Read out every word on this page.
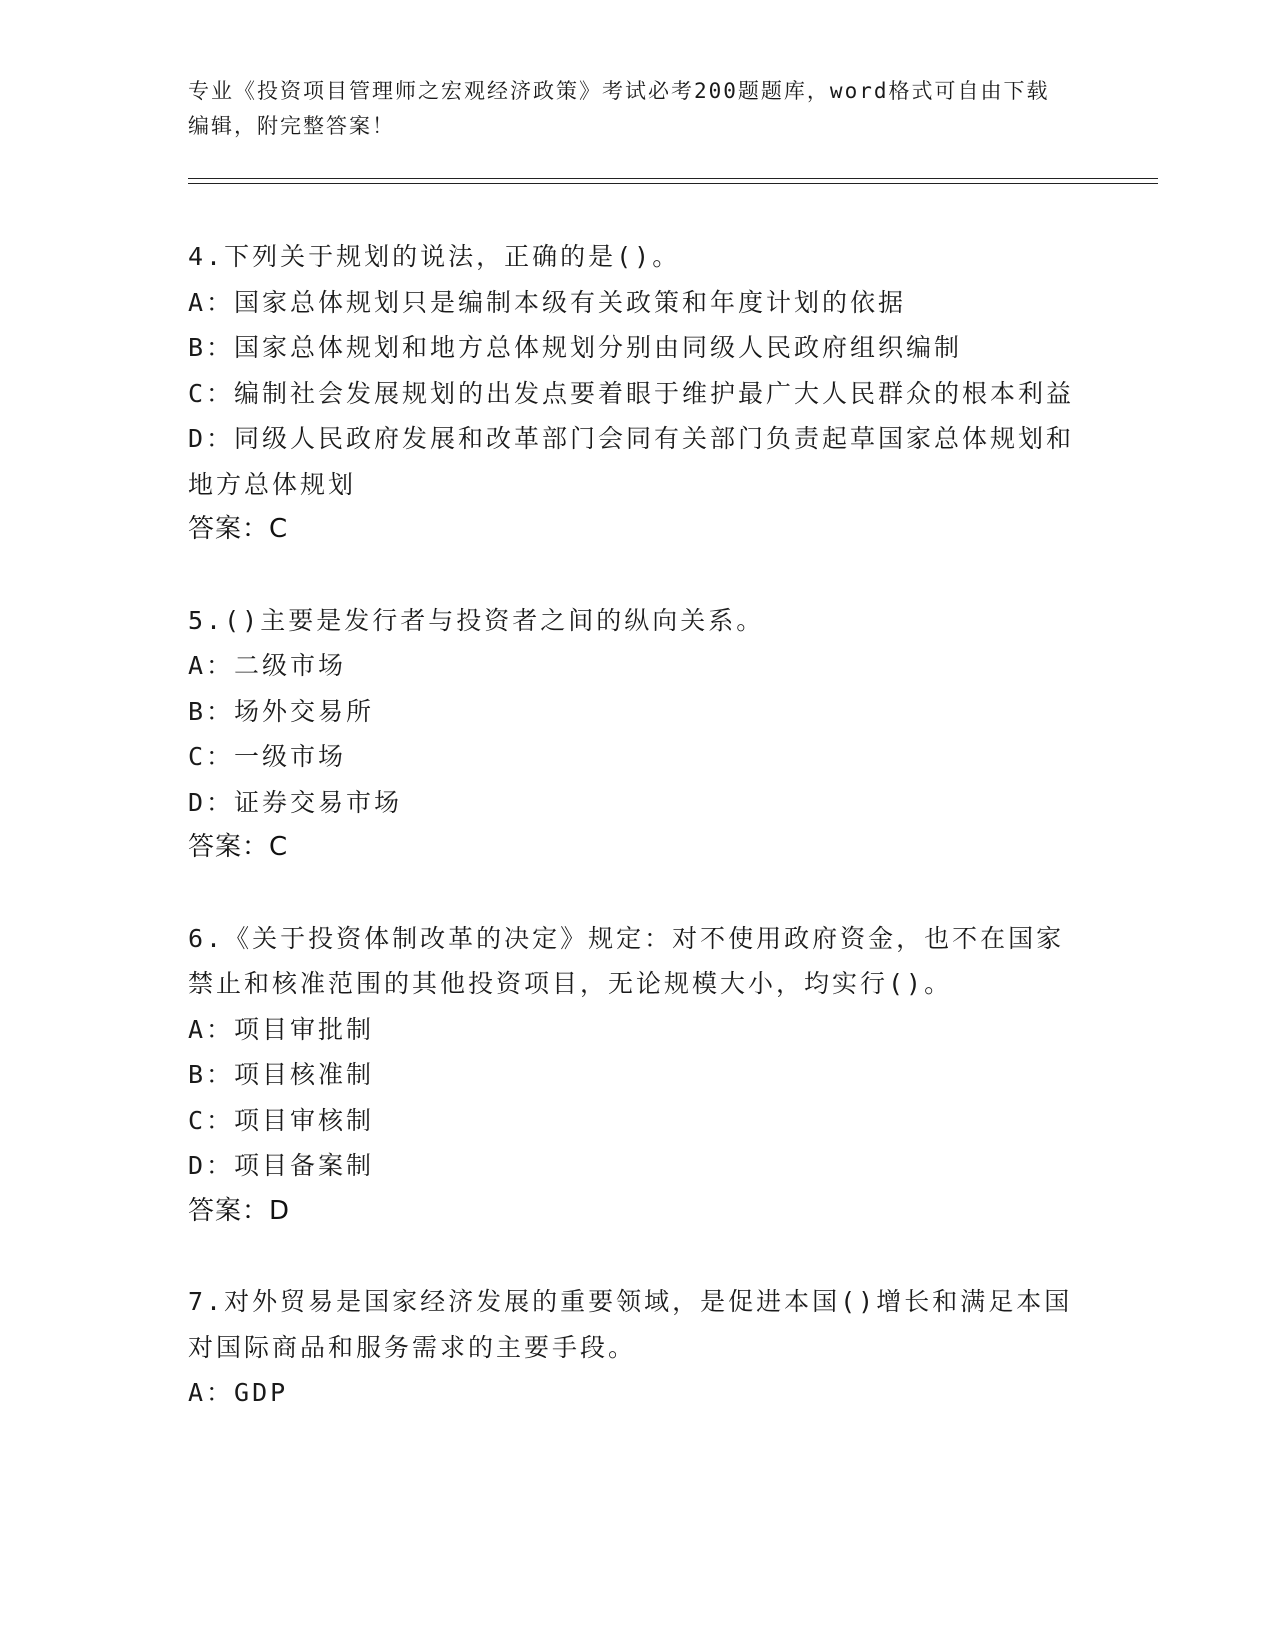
专业《投资项目管理师之宏观经济政策》考试必考200题题库，word格式可自由下载编辑，附完整答案！
4.下列关于规划的说法，正确的是()。
A：国家总体规划只是编制本级有关政策和年度计划的依据
B：国家总体规划和地方总体规划分别由同级人民政府组织编制
C：编制社会发展规划的出发点要着眼于维护最广大人民群众的根本利益
D：同级人民政府发展和改革部门会同有关部门负责起草国家总体规划和地方总体规划
答案：C
5.()主要是发行者与投资者之间的纵向关系。
A：二级市场
B：场外交易所
C：一级市场
D：证券交易市场
答案：C
6.《关于投资体制改革的决定》规定：对不使用政府资金，也不在国家禁止和核准范围的其他投资项目，无论规模大小，均实行()。
A：项目审批制
B：项目核准制
C：项目审核制
D：项目备案制
答案：D
7.对外贸易是国家经济发展的重要领域，是促进本国()增长和满足本国对国际商品和服务需求的主要手段。
A：GDP
